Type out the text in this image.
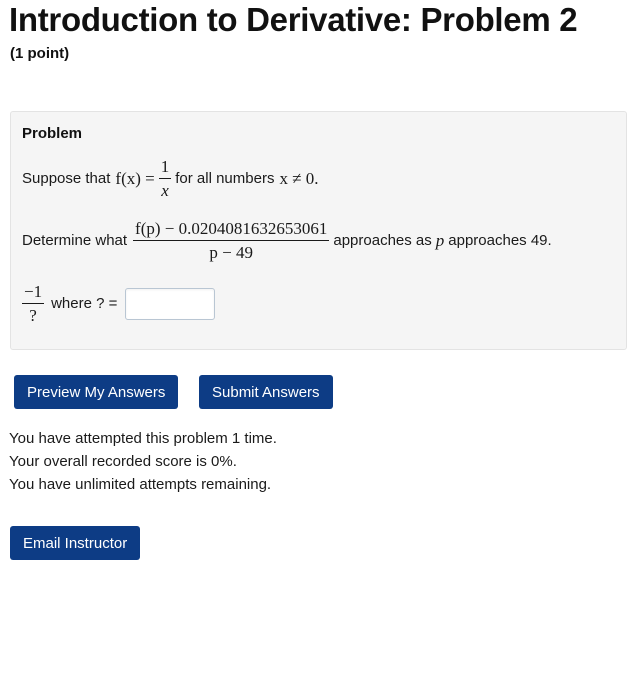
Introduction to Derivative: Problem 2
(1 point)
Problem
Suppose that $f(x) = \frac{1}{x}$ for all numbers x ≠ 0.
Determine what $\frac{f(p) - 0.0204081632653061}{p - 49}$ approaches as p approaches 49.
$\frac{-1}{?}$ where ? =
Preview My Answers	Submit Answers
You have attempted this problem 1 time.
Your overall recorded score is 0%.
You have unlimited attempts remaining.
Email Instructor
